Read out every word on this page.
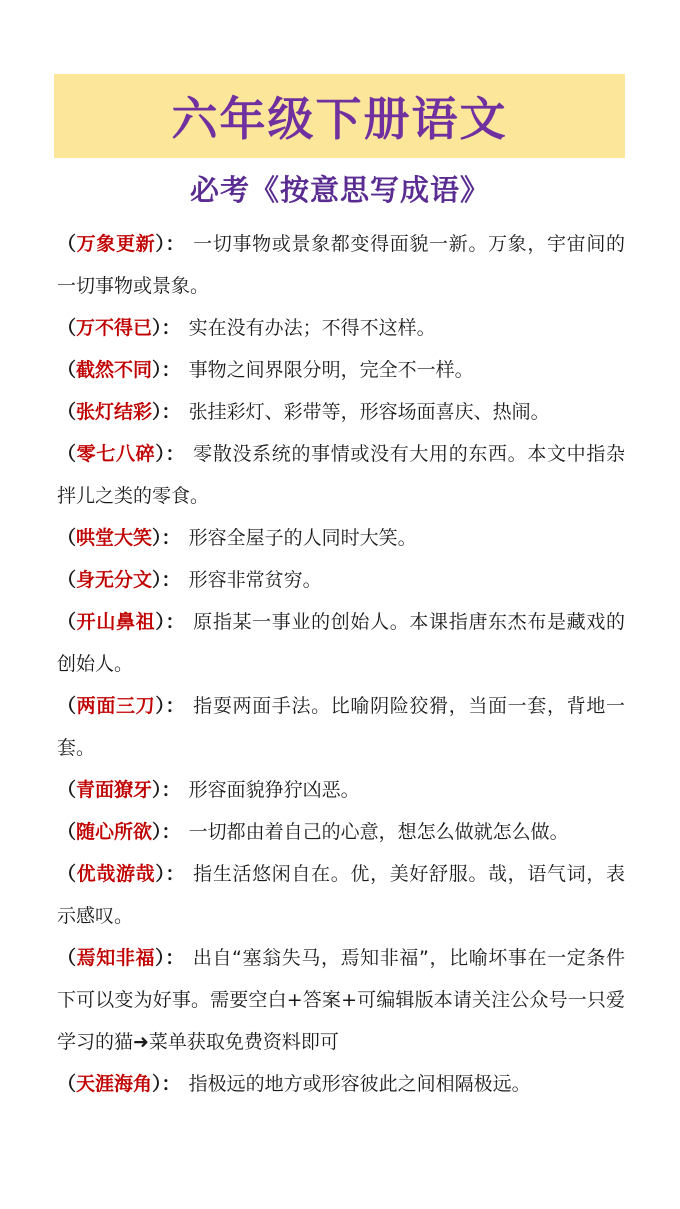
六年级下册语文
必考《按意思写成语》

（万象更新）： 一切事物或景象都变得面貌一新。万象，宇宙间的一切事物或景象。

（万不得已）： 实在没有办法；不得不这样。

（截然不同）： 事物之间界限分明，完全不一样。

（张灯结彩）： 张挂彩灯、彩带等，形容场面喜庆、热闹。

（零七八碎）： 零散没系统的事情或没有大用的东西。本文中指杂拌儿之类的零食。

（哄堂大笑）： 形容全屋子的人同时大笑。

（身无分文）： 形容非常贫穷。

（开山鼻祖）： 原指某一事业的创始人。本课指唐东杰布是藏戏的创始人。

（两面三刀）： 指耍两面手法。比喻阴险狡猾，当面一套，背地一套。

（青面獠牙）： 形容面貌狰狞凶恶。

（随心所欲）： 一切都由着自己的心意，想怎么做就怎么做。

（优哉游哉）： 指生活悠闲自在。优，美好舒服。哉，语气词，表示感叹。

（焉知非福）： 出自“塞翁失马，焉知非福”，比喻坏事在一定条件下可以变为好事。需要空白+答案+可编辑版本请关注公众号一只爱学习的猫➜菜单获取免费资料即可

（天涯海角）： 指极远的地方或形容彼此之间相隔极远。
